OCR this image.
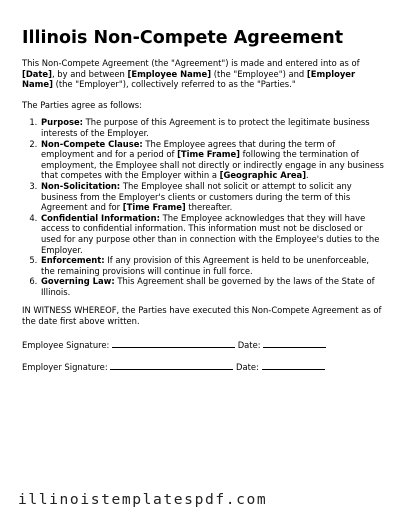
Illinois Non-Compete Agreement

This Non-Compete Agreement (the "Agreement") is made and entered into as of [Date], by and between [Employee Name] (the "Employee") and [Employer Name] (the "Employer"), collectively referred to as the "Parties."

The Parties agree as follows:

1. Purpose: The purpose of this Agreement is to protect the legitimate business interests of the Employer.
2. Non-Compete Clause: The Employee agrees that during the term of employment and for a period of [Time Frame] following the termination of employment, the Employee shall not directly or indirectly engage in any business that competes with the Employer within a [Geographic Area].
3. Non-Solicitation: The Employee shall not solicit or attempt to solicit any business from the Employer's clients or customers during the term of this Agreement and for [Time Frame] thereafter.
4. Confidential Information: The Employee acknowledges that they will have access to confidential information. This information must not be disclosed or used for any purpose other than in connection with the Employee's duties to the Employer.
5. Enforcement: If any provision of this Agreement is held to be unenforceable, the remaining provisions will continue in full force.
6. Governing Law: This Agreement shall be governed by the laws of the State of Illinois.

IN WITNESS WHEREOF, the Parties have executed this Non-Compete Agreement as of the date first above written.

Employee Signature:	Date:
Employer Signature:	Date:
illinoistemplatespdf.com
